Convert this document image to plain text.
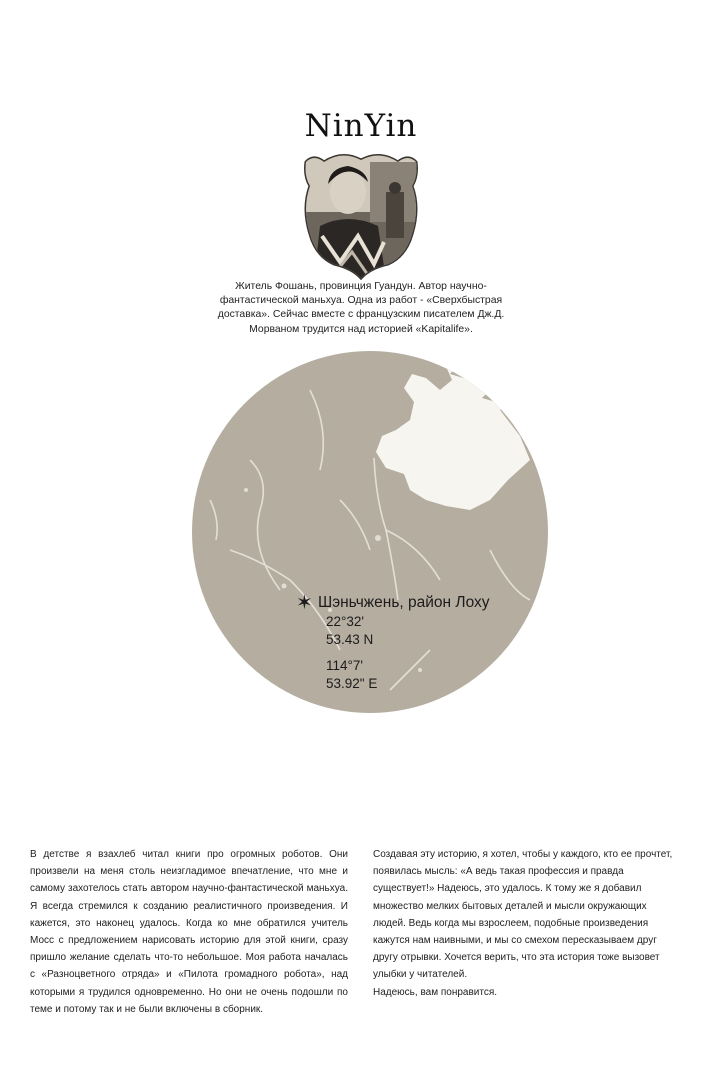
NinYin
Житель Фошань, провинция Гуандун. Автор научно-фантастической маньхуа. Одна из работ - «Сверхбыстрая доставка». Сейчас вместе с французским писателем Дж.Д. Морваном трудится над историей «Kapitalife».
✶ Шэньчжень, район Лоху
22°32'
53.43 N
114°7'
53.92" E

В детстве я взахлеб читал книги про огромных роботов. Они произвели на меня столь неизгладимое впечатление, что мне и самому захотелось стать автором научно-фантастической маньхуа. Я всегда стремился к созданию реалистичного произведения. И кажется, это наконец удалось. Когда ко мне обратился учитель Мосс с предложением нарисовать историю для этой книги, сразу пришло желание сделать что-то небольшое. Моя работа началась с «Разноцветного отряда» и «Пилота громадного робота», над которыми я трудился одновременно. Но они не очень подошли по теме и потому так и не были включены в сборник.

Создавая эту историю, я хотел, чтобы у каждого, кто ее прочтет, появилась мысль: «А ведь такая профессия и правда существует!» Надеюсь, это удалось. К тому же я добавил множество мелких бытовых деталей и мысли окружающих людей. Ведь когда мы взрослеем, подобные произведения кажутся нам наивными, и мы со смехом пересказываем друг другу отрывки. Хочется верить, что эта история тоже вызовет улыбки у читателей.

Надеюсь, вам понравится.
